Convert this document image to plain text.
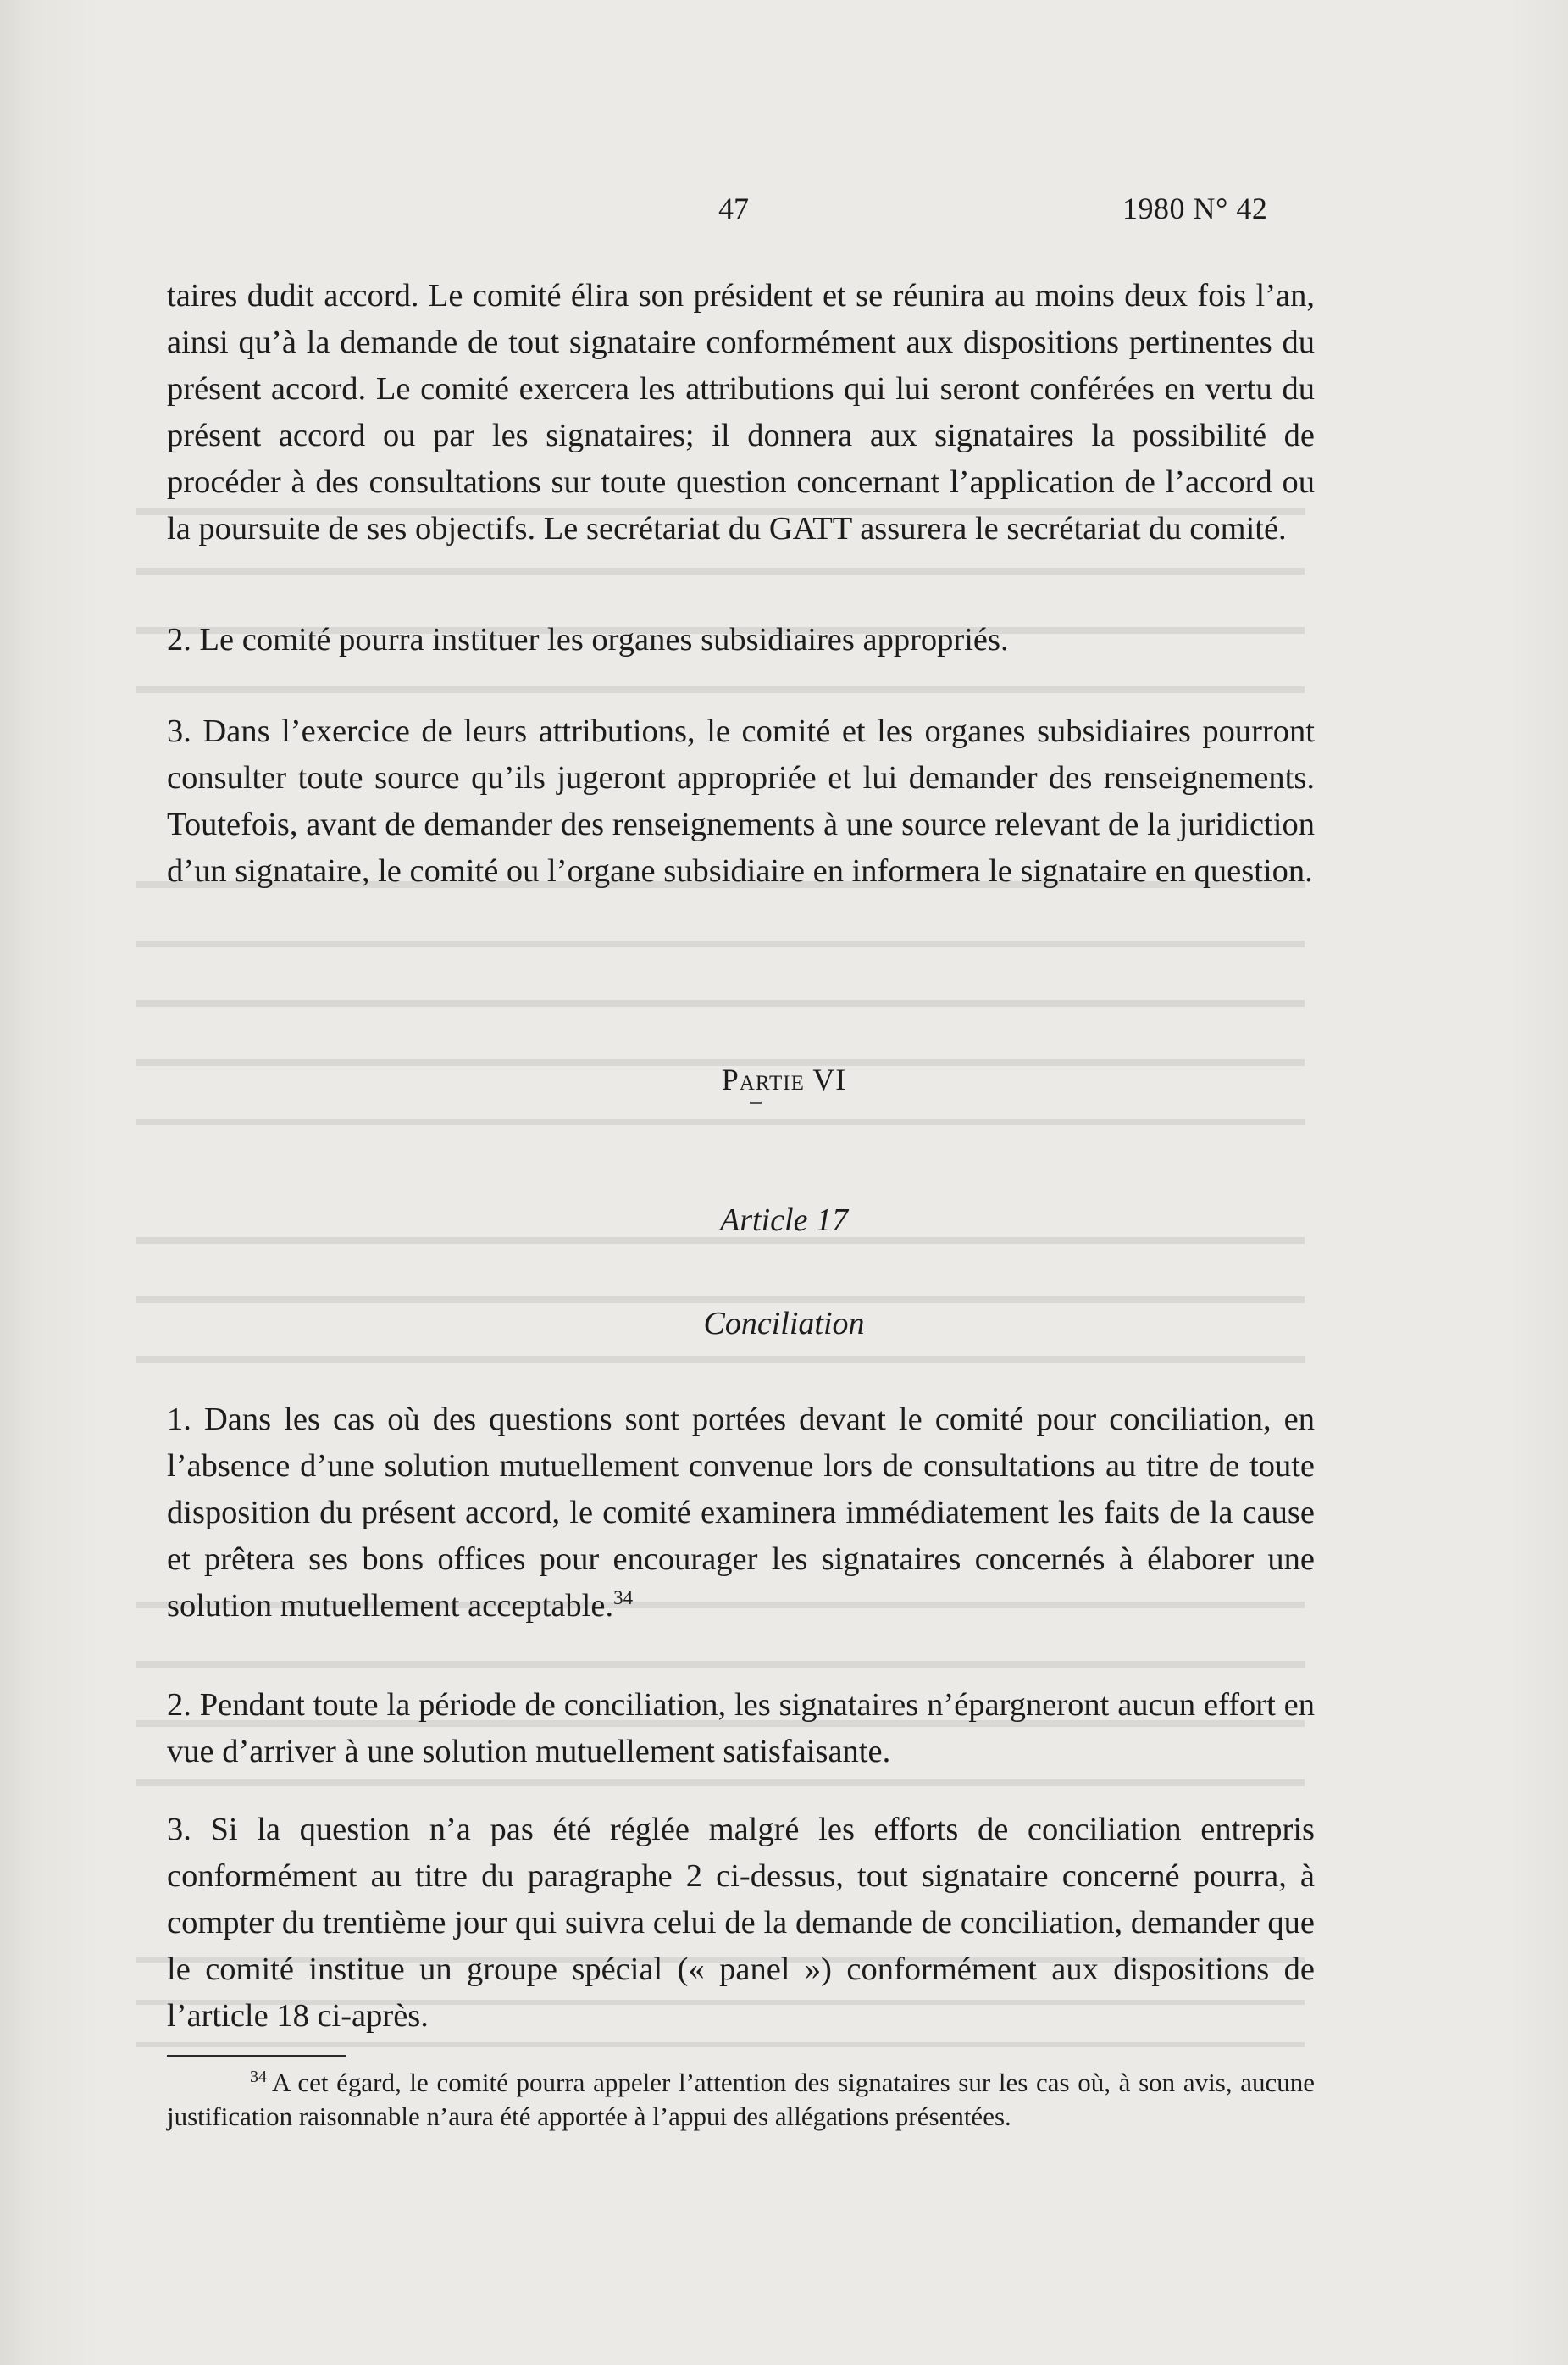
47	1980 N° 42

taires dudit accord. Le comité élira son président et se réunira au moins deux fois l’an, ainsi qu’à la demande de tout signataire conformément aux dispositions pertinentes du présent accord. Le comité exercera les attributions qui lui seront conférées en vertu du présent accord ou par les signataires; il donnera aux signataires la possibilité de procéder à des consultations sur toute question concernant l’application de l’accord ou la poursuite de ses objectifs. Le secrétariat du GATT assurera le secrétariat du comité.

2. Le comité pourra instituer les organes subsidiaires appropriés.

3. Dans l’exercice de leurs attributions, le comité et les organes subsidiaires pourront consulter toute source qu’ils jugeront appropriée et lui demander des renseignements. Toutefois, avant de demander des renseignements à une source relevant de la juridiction d’un signataire, le comité ou l’organe subsidiaire en informera le signataire en question.

Partie VI
Article 17
Conciliation

1. Dans les cas où des questions sont portées devant le comité pour conciliation, en l’absence d’une solution mutuellement convenue lors de consultations au titre de toute disposition du présent accord, le comité examinera immédiatement les faits de la cause et prêtera ses bons offices pour encourager les signataires concernés à élaborer une solution mutuellement acceptable.$^{34}$

2. Pendant toute la période de conciliation, les signataires n’épargneront aucun effort en vue d’arriver à une solution mutuellement satisfaisante.

3. Si la question n’a pas été réglée malgré les efforts de conciliation entrepris conformément au titre du paragraphe 2 ci-dessus, tout signataire concerné pourra, à compter du trentième jour qui suivra celui de la demande de conciliation, demander que le comité institue un groupe spécial (« panel ») conformément aux dispositions de l’article 18 ci-après.

$^{34}$ A cet égard, le comité pourra appeler l’attention des signataires sur les cas où, à son avis, aucune justification raisonnable n’aura été apportée à l’appui des allégations présentées.
